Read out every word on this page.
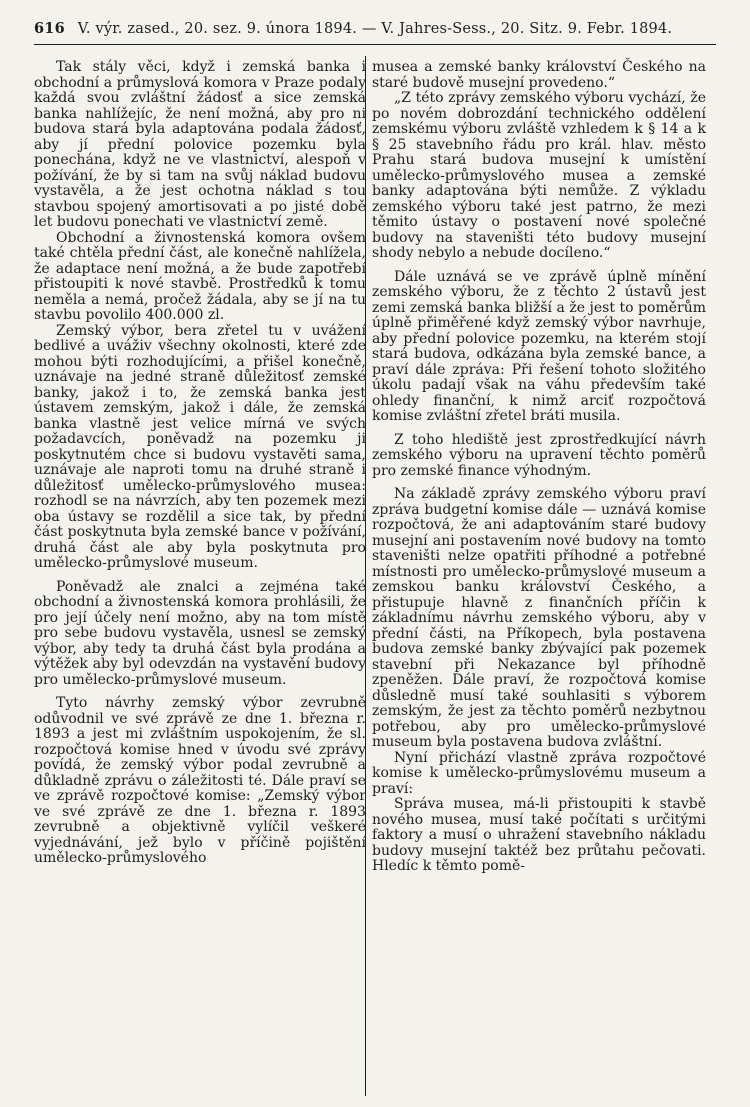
616 V. výr. zased., 20. sez. 9. února 1894. — V. Jahres-Sess., 20. Sitz. 9. Febr. 1894.

Tak stály věci, když i zemská banka i obchodní a průmyslová komora v Praze podaly každá svou zvláštní žádosť a sice zemská banka nahlížejíc, že není možná, aby pro ni budova stará byla adaptována podala žádosť, aby jí přední polovice pozemku byla ponechána, když ne ve vlastnictví, alespoň v požívání, že by si tam na svůj náklad budovu vystavěla, a že jest ochotna náklad s tou stavbou spojený amortisovati a po jisté době let budovu ponechati ve vlastnictví země.

Obchodní a živnostenská komora ovšem také chtěla přední část, ale konečně nahlížela, že adaptace není možná, a že bude zapotřebí přistoupiti k nové stavbě. Prostředků k tomu neměla a nemá, pročež žádala, aby se jí na tu stavbu povolilo 400.000 zl.

Zemský výbor, bera zřetel tu v uvážení bedlivé a uváživ všechny okolnosti, které zde mohou býti rozhodujícími, a přišel konečně, uznávaje na jedné straně důležitosť zemské banky, jakož i to, že zemská banka jest ústavem zemským, jakož i dále, že zemská banka vlastně jest velice mírná ve svých požadavcích, poněvadž na pozemku ji poskytnutém chce si budovu vystavěti sama, uznávaje ale naproti tomu na druhé straně i důležitosť umělecko-průmyslového musea: rozhodl se na návrzích, aby ten pozemek mezi oba ústavy se rozdělil a sice tak, by přední část poskytnuta byla zemské bance v požívání, druhá část ale aby byla poskytnuta pro umělecko-průmyslové museum.

Poněvadž ale znalci a zejména také obchodní a živnostenská komora prohlásili, že pro její účely není možno, aby na tom místě pro sebe budovu vystavěla, usnesl se zemský výbor, aby tedy ta druhá část byla prodána a výtěžek aby byl odevzdán na vystavění budovy pro umělecko-průmyslové museum.

Tyto návrhy zemský výbor zevrubně odůvodnil ve své zprávě ze dne 1. března r. 1893 a jest mi zvláštním uspokojením, že sl. rozpočtová komise hned v úvodu své zprávy povídá, že zemský výbor podal zevrubně a důkladně zprávu o záležitosti té. Dále praví se ve zprávě rozpočtové komise: „Zemský výbor ve své zprávě ze dne 1. března r. 1893 zevrubně a objektivně vylíčil veškeré vyjednávání, jež bylo v příčině pojištění umělecko-průmyslového

musea a zemské banky království Českého na staré budově musejní provedeno.“

„Z této zprávy zemského výboru vychází, že po novém dobrozdání technického oddělení zemskému výboru zvláště vzhledem k § 14 a k § 25 stavebního řádu pro král. hlav. město Prahu stará budova musejní k umístění umělecko-průmyslového musea a zemské banky adaptována býti nemůže. Z výkladu zemského výboru také jest patrno, že mezi těmito ústavy o postavení nové společné budovy na staveništi této budovy musejní shody nebylo a nebude docíleno.“

Dále uznává se ve zprávě úplně mínění zemského výboru, že z těchto 2 ústavů jest zemi zemská banka bližší a že jest to poměrům úplně přiměřené když zemský výbor navrhuje, aby přední polovice pozemku, na kterém stojí stará budova, odkázána byla zemské bance, a praví dále zpráva: Při řešení tohoto složitého úkolu padají však na váhu především také ohledy finanční, k nimž arciť rozpočtová komise zvláštní zřetel bráti musila.

Z toho hlediště jest zprostředkující návrh zemského výboru na upravení těchto poměrů pro zemské finance výhodným.

Na základě zprávy zemského výboru praví zpráva budgetní komise dále — uznává komise rozpočtová, že ani adaptováním staré budovy musejní ani postavením nové budovy na tomto staveništi nelze opatřiti příhodné a potřebné místnosti pro umělecko-průmyslové museum a zemskou banku království Českého, a přistupuje hlavně z finančních příčin k základnímu návrhu zemského výboru, aby v přední části, na Příkopech, byla postavena budova zemské banky zbývající pak pozemek stavební při Nekazance byl příhodně zpeněžen. Dále praví, že rozpočtová komise důsledně musí také souhlasiti s výborem zemským, že jest za těchto poměrů nezbytnou potřebou, aby pro umělecko-průmyslové museum byla postavena budova zvláštní.

Nyní přichází vlastně zpráva rozpočtové komise k umělecko-průmyslovému museum a praví:

Správa musea, má-li přistoupiti k stavbě nového musea, musí také počítati s určitými faktory a musí o uhražení stavebního nákladu budovy musejní taktéž bez průtahu pečovati. Hledíc k těmto pomě-
